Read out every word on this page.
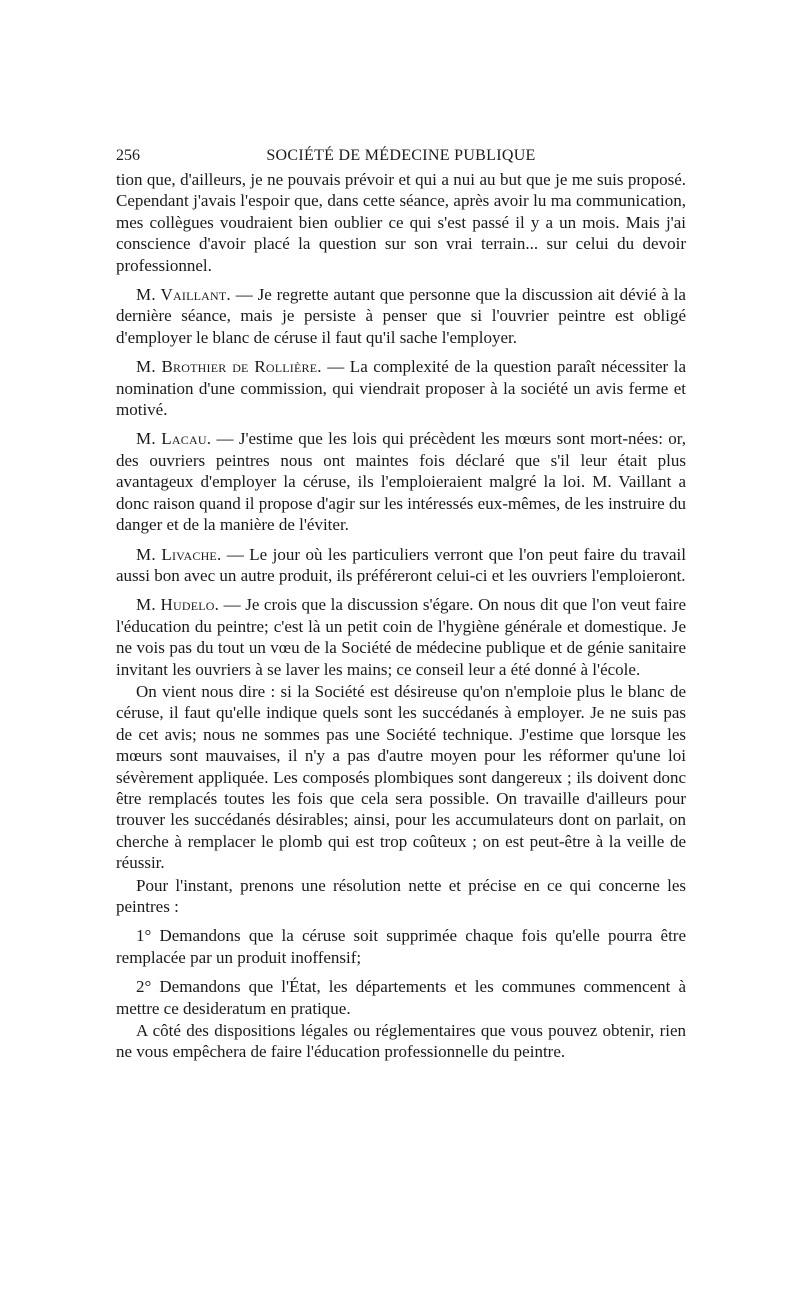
256	SOCIÉTÉ DE MÉDECINE PUBLIQUE

tion que, d'ailleurs, je ne pouvais prévoir et qui a nui au but que je me suis proposé. Cependant j'avais l'espoir que, dans cette séance, après avoir lu ma communication, mes collègues voudraient bien oublier ce qui s'est passé il y a un mois. Mais j'ai conscience d'avoir placé la question sur son vrai terrain... sur celui du devoir professionnel.

M. Vaillant. — Je regrette autant que personne que la discussion ait dévié à la dernière séance, mais je persiste à penser que si l'ouvrier peintre est obligé d'employer le blanc de céruse il faut qu'il sache l'employer.

M. Brothier de Rollière. — La complexité de la question paraît nécessiter la nomination d'une commission, qui viendrait proposer à la société un avis ferme et motivé.

M. Lacau. — J'estime que les lois qui précèdent les mœurs sont mort-nées: or, des ouvriers peintres nous ont maintes fois déclaré que s'il leur était plus avantageux d'employer la céruse, ils l'emploieraient malgré la loi. M. Vaillant a donc raison quand il propose d'agir sur les intéressés eux-mêmes, de les instruire du danger et de la manière de l'éviter.

M. Livache. — Le jour où les particuliers verront que l'on peut faire du travail aussi bon avec un autre produit, ils préféreront celui-ci et les ouvriers l'emploieront.

M. Hudelo. — Je crois que la discussion s'égare. On nous dit que l'on veut faire l'éducation du peintre; c'est là un petit coin de l'hygiène générale et domestique. Je ne vois pas du tout un vœu de la Société de médecine publique et de génie sanitaire invitant les ouvriers à se laver les mains; ce conseil leur a été donné à l'école.

On vient nous dire : si la Société est désireuse qu'on n'emploie plus le blanc de céruse, il faut qu'elle indique quels sont les succédanés à employer. Je ne suis pas de cet avis; nous ne sommes pas une Société technique. J'estime que lorsque les mœurs sont mauvaises, il n'y a pas d'autre moyen pour les réformer qu'une loi sévèrement appliquée. Les composés plombiques sont dangereux ; ils doivent donc être remplacés toutes les fois que cela sera possible. On travaille d'ailleurs pour trouver les succédanés désirables; ainsi, pour les accumulateurs dont on parlait, on cherche à remplacer le plomb qui est trop coûteux ; on est peut-être à la veille de réussir.

Pour l'instant, prenons une résolution nette et précise en ce qui concerne les peintres :

1° Demandons que la céruse soit supprimée chaque fois qu'elle pourra être remplacée par un produit inoffensif;

2° Demandons que l'État, les départements et les communes commencent à mettre ce desideratum en pratique.

A côté des dispositions légales ou réglementaires que vous pouvez obtenir, rien ne vous empêchera de faire l'éducation professionnelle du peintre.
